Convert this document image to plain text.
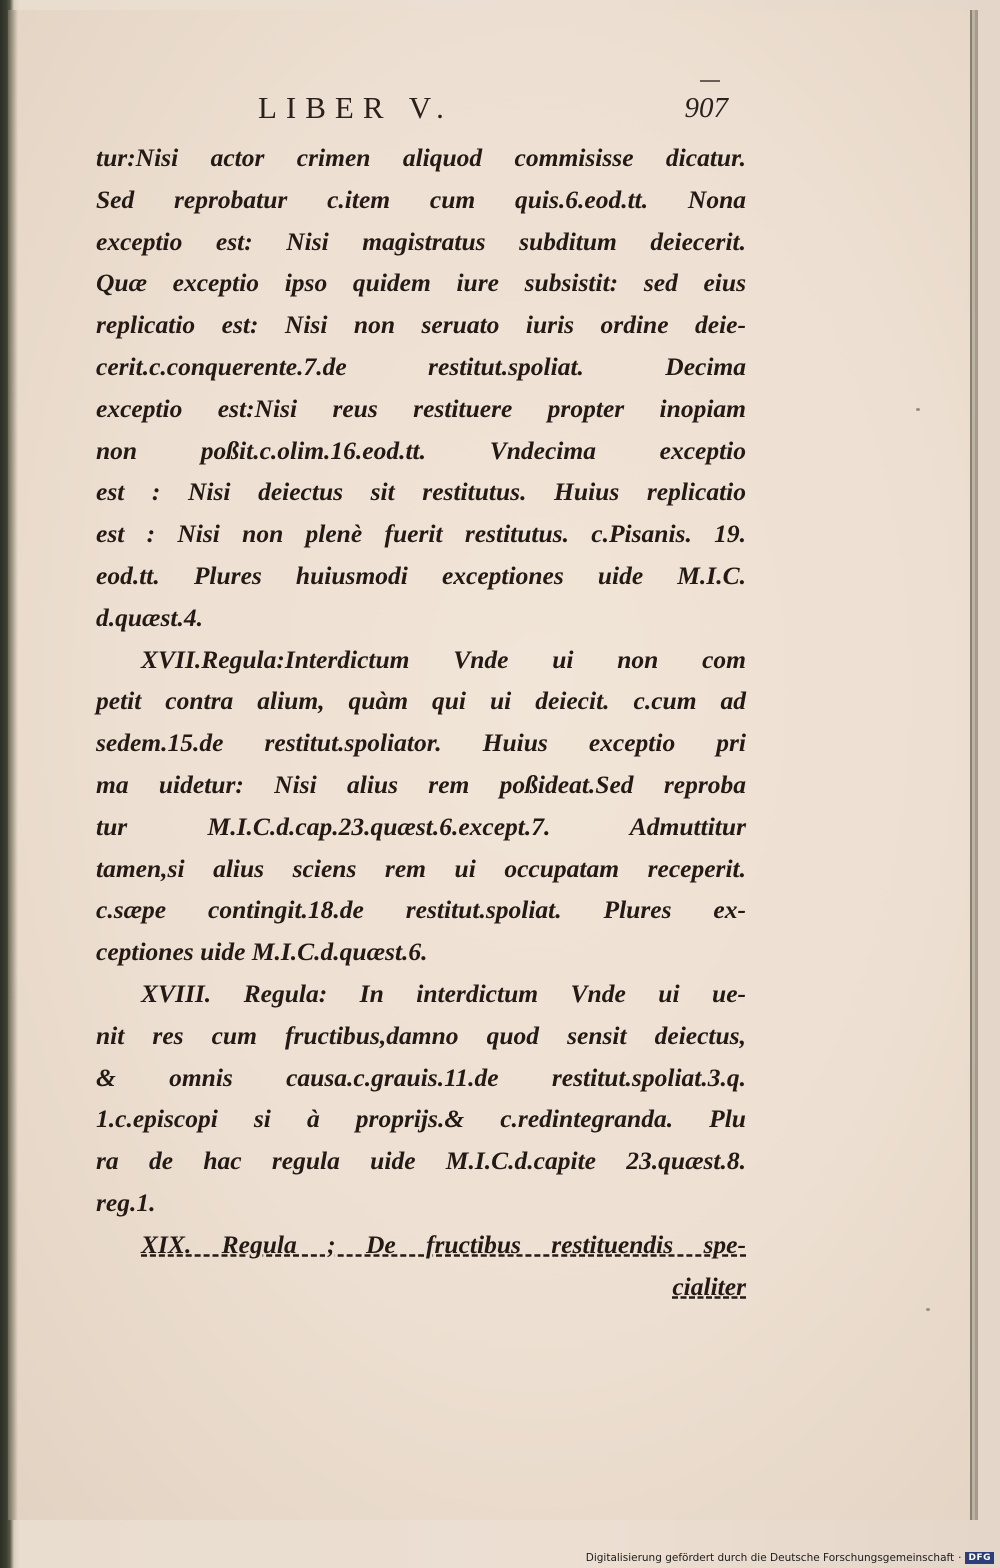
LIBER V.	907
tur:Nisi actor crimen aliquod commisisse dicatur.
Sed reprobatur c.item cum quis.6.eod.tt. Nona
exceptio est: Nisi magistratus subditum deiecerit.
Quæ exceptio ipso quidem iure subsistit: sed eius
replicatio est: Nisi non seruato iuris ordine deie-
cerit.c.conquerente.7.de restitut.spoliat. Decima
exceptio est:Nisi reus restituere propter inopiam
non poßit.c.olim.16.eod.tt. Vndecima exceptio
est : Nisi deiectus sit restitutus. Huius replicatio
est : Nisi non plenè fuerit restitutus. c.Pisanis. 19.
eod.tt. Plures huiusmodi exceptiones uide M.I.C.
d.quæst.4.
XVII.Regula:Interdictum Vnde ui non com
petit contra alium, quàm qui ui deiecit. c.cum ad
sedem.15.de restitut.spoliator. Huius exceptio pri
ma uidetur: Nisi alius rem poßideat.Sed reproba
tur M.I.C.d.cap.23.quæst.6.except.7. Admuttitur
tamen,si alius sciens rem ui occupatam receperit.
c.sæpe contingit.18.de restitut.spoliat. Plures ex-
ceptiones uide M.I.C.d.quæst.6.
XVIII. Regula: In interdictum Vnde ui ue-
nit res cum fructibus,damno quod sensit deiectus,
& omnis causa.c.grauis.11.de restitut.spoliat.3.q.
1.c.episcopi si à proprijs.& c.redintegranda. Plu
ra de hac regula uide M.I.C.d.capite 23.quæst.8.
reg.1.
XIX. Regula ; De fructibus restituendis spe-
cialiter
Digitalisierung gefördert durch die Deutsche Forschungsgemeinschaft · DFG
